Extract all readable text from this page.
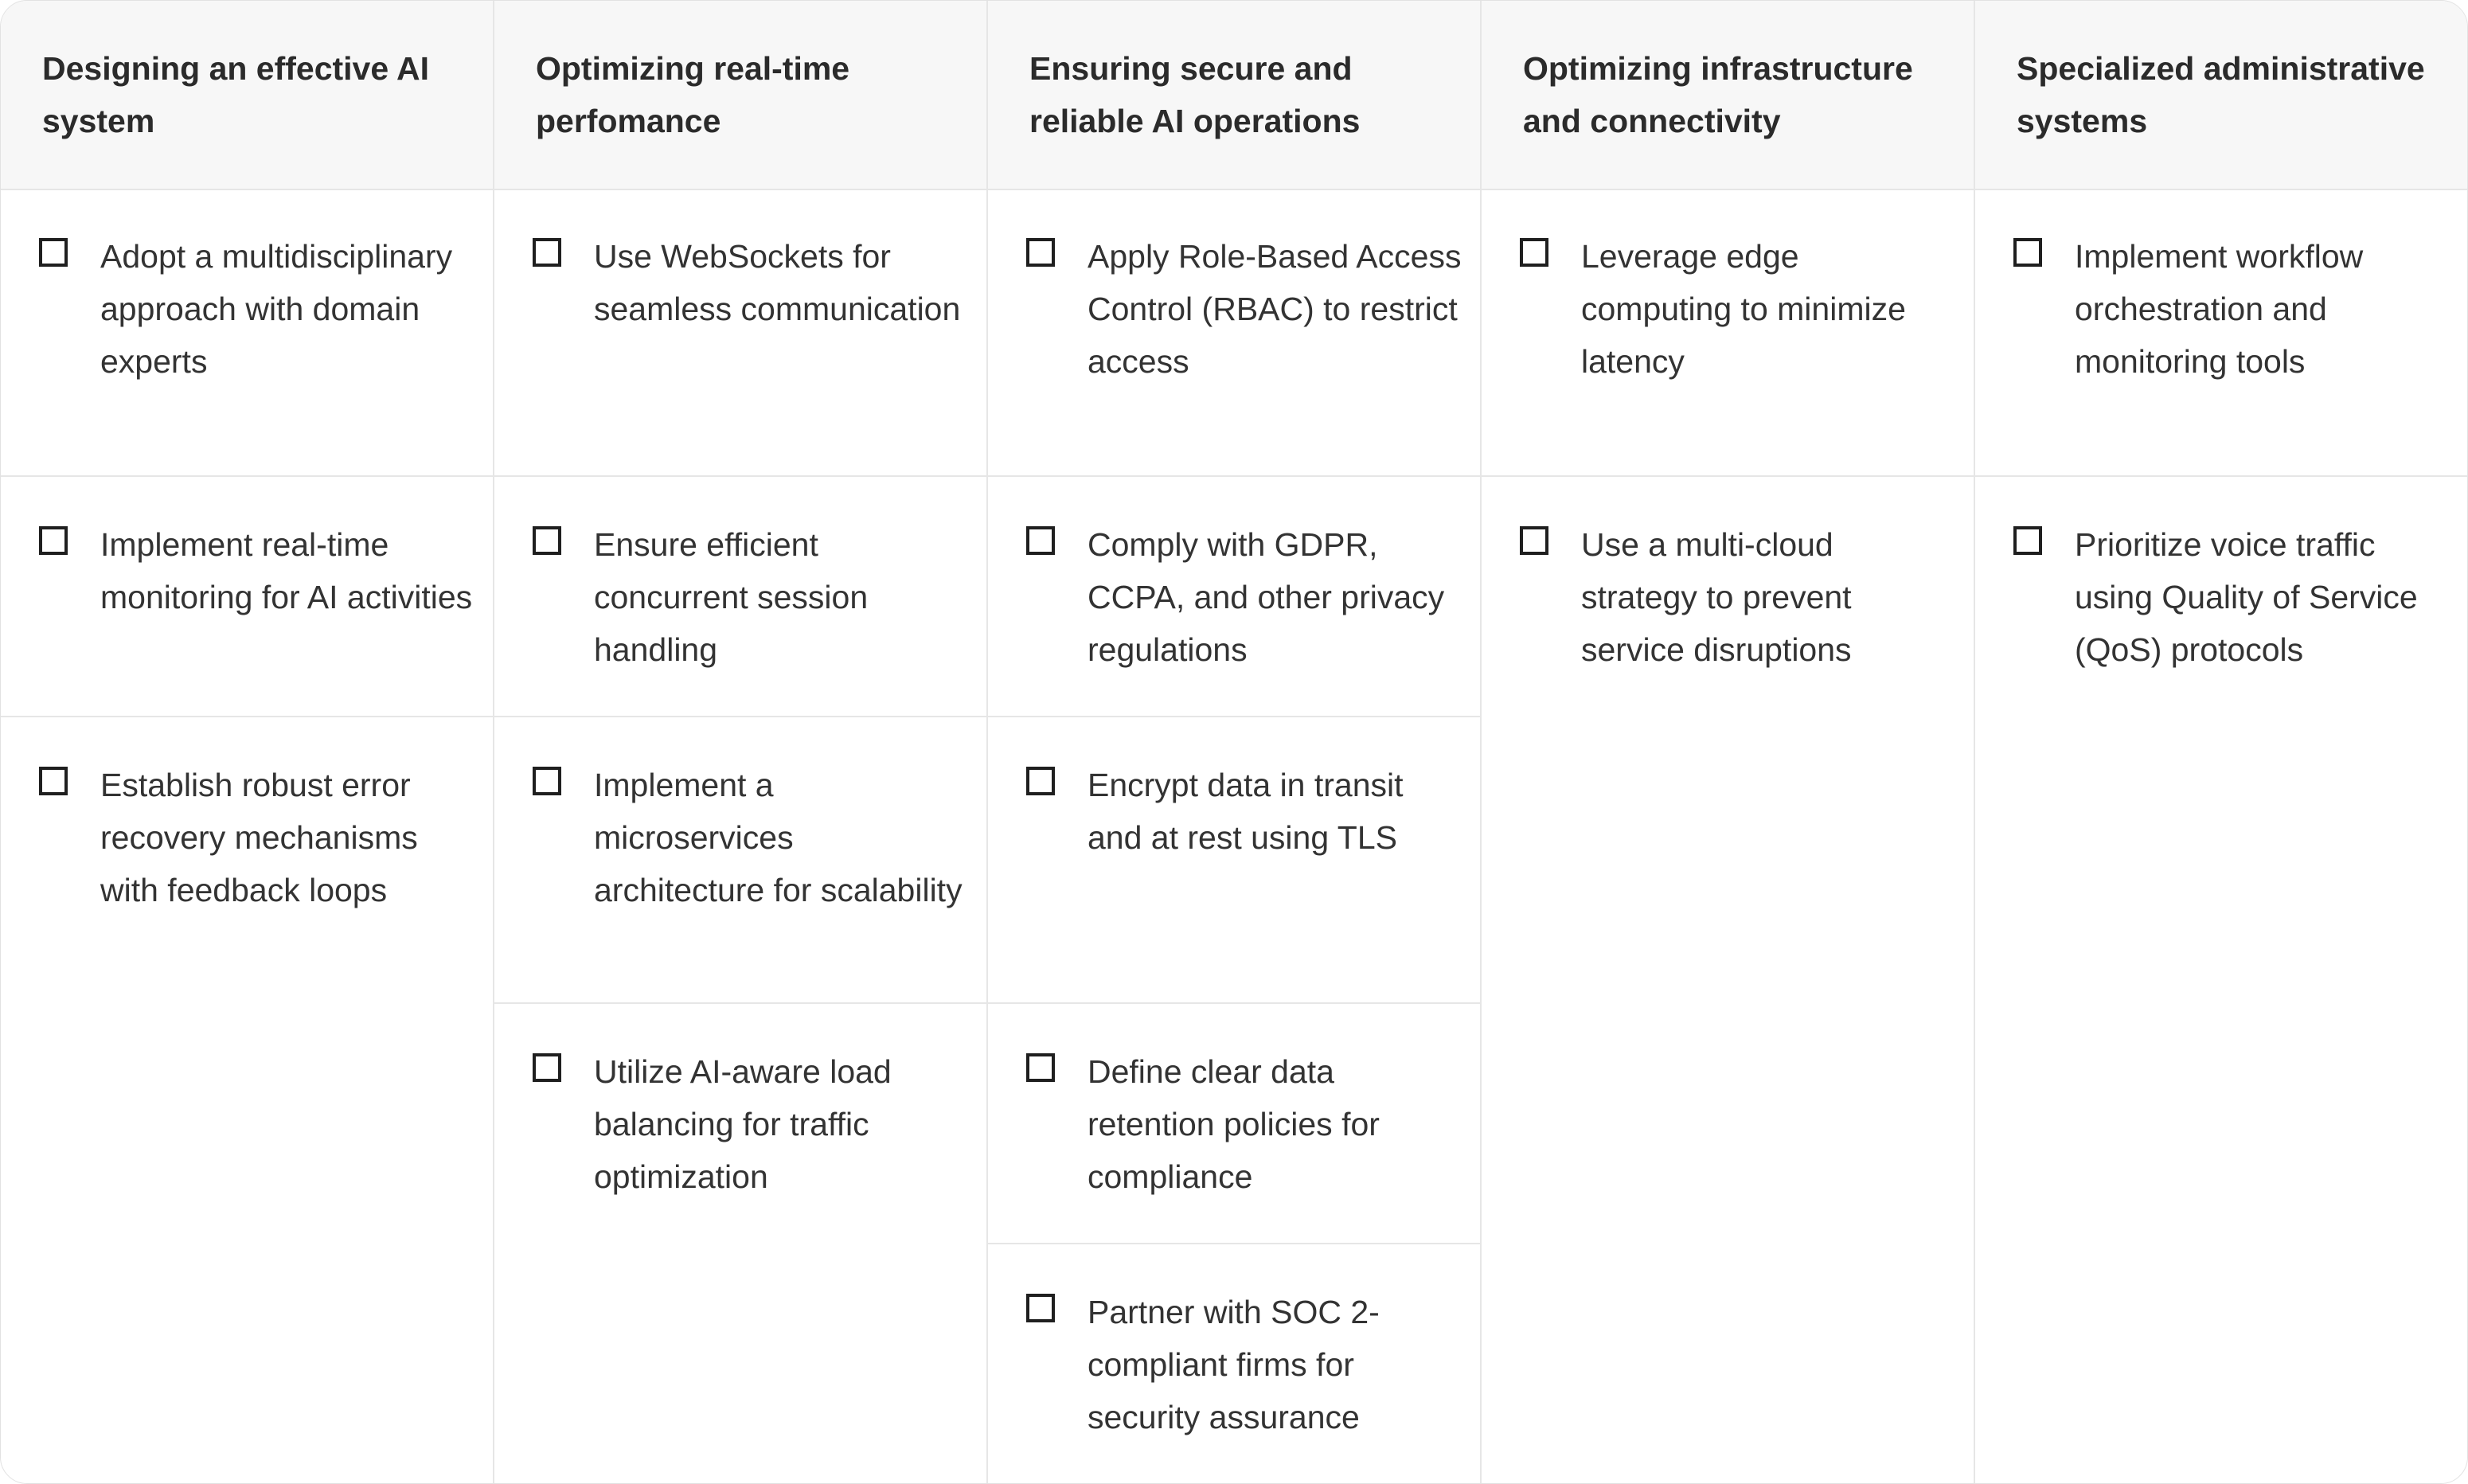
Designing an effective AI system
Adopt a multidisciplinary approach with domain experts
Implement real-time monitoring for AI activities
Establish robust error recovery mechanisms with feedback loops
Optimizing real-time perfomance
Use WebSockets for seamless communication
Ensure efficient concurrent session handling
Implement a microservices architecture for scalability
Utilize AI-aware load balancing for traffic optimization
Ensuring secure and reliable AI operations
Apply Role-Based Access Control (RBAC) to restrict access
Comply with GDPR, CCPA, and other privacy regulations
Encrypt data in transit and at rest using TLS
Define clear data retention policies for compliance
Partner with SOC 2-compliant firms for security assurance
Optimizing infrastructure and connectivity
Leverage edge computing to minimize latency
Use a multi-cloud strategy to prevent service disruptions
Specialized administrative systems
Implement workflow orchestration and monitoring tools
Prioritize voice traffic using Quality of Service (QoS) protocols
